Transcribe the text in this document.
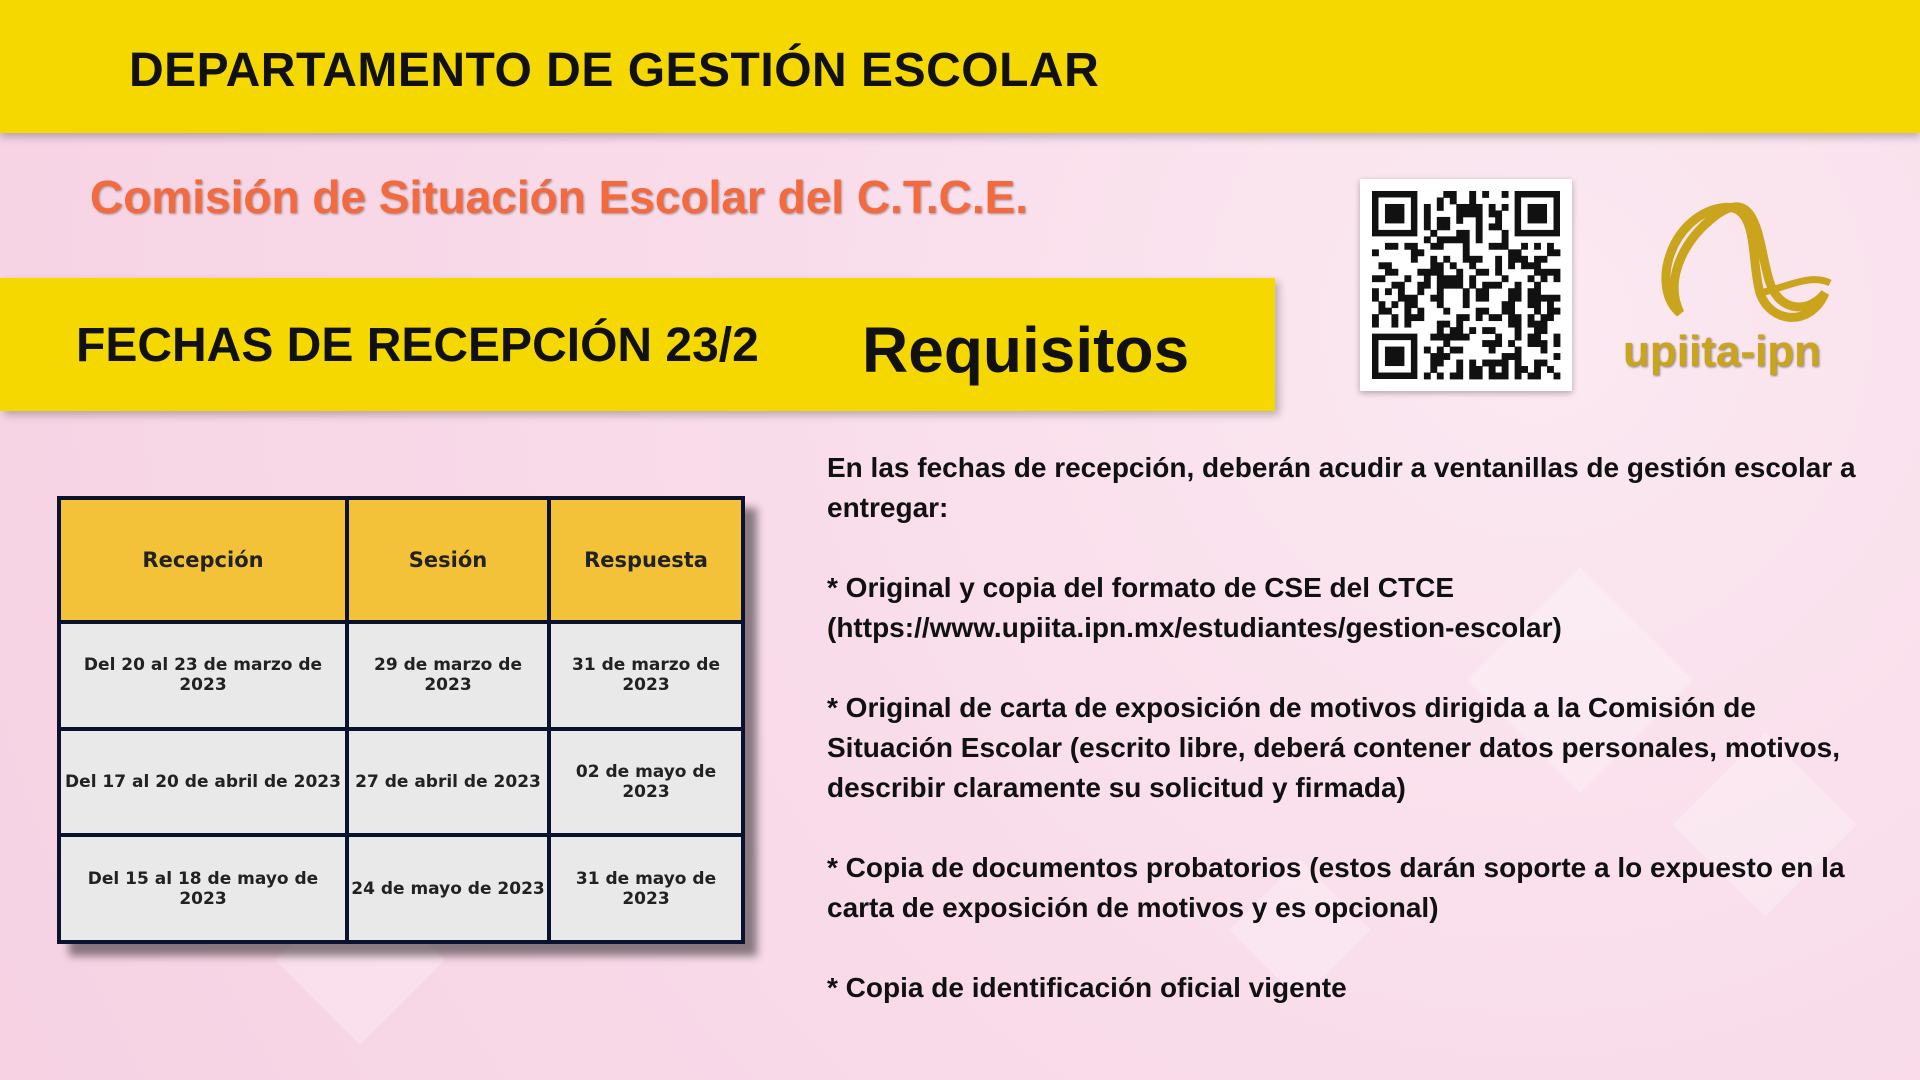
DEPARTAMENTO DE GESTIÓN ESCOLAR
Comisión de Situación Escolar del C.T.C.E.
FECHAS DE RECEPCIÓN 23/2 Requisitos	upiita-ipn
Recepción	Sesión	Respuesta
Del 20 al 23 de marzo de 2023	29 de marzo de 2023	31 de marzo de 2023
Del 17 al 20 de abril de 2023	27 de abril de 2023	02 de mayo de 2023
Del 15 al 18 de mayo de 2023	24 de mayo de 2023	31 de mayo de 2023

En las fechas de recepción, deberán acudir a ventanillas de gestión escolar a entregar:

* Original y copia del formato de CSE del CTCE (https://www.upiita.ipn.mx/estudiantes/gestion-escolar)

* Original de carta de exposición de motivos dirigida a la Comisión de Situación Escolar (escrito libre, deberá contener datos personales, motivos, describir claramente su solicitud y firmada)

* Copia de documentos probatorios (estos darán soporte a lo expuesto en la carta de exposición de motivos y es opcional)

* Copia de identificación oficial vigente
